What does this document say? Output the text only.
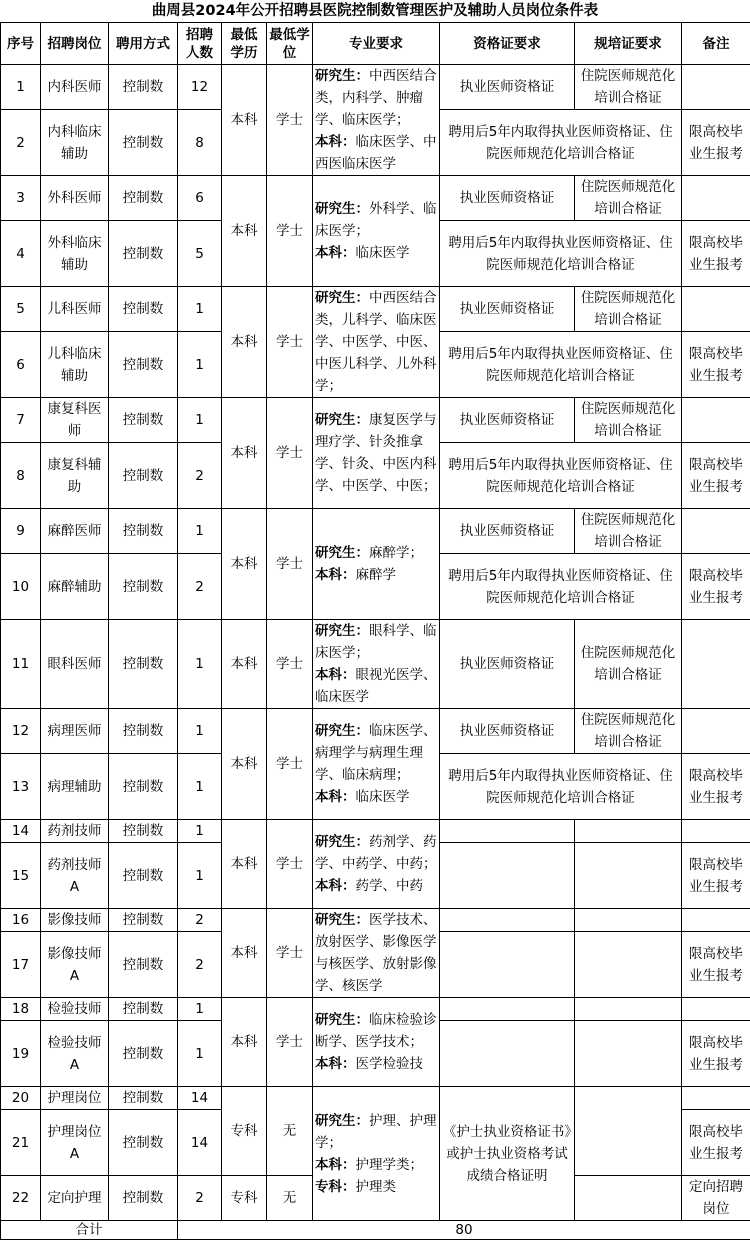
曲周县2024年公开招聘县医院控制数管理医护及辅助人员岗位条件表
序号	招聘岗位	聘用方式	招聘人数	最低学历	最低学位	专业要求	资格证要求	规培证要求	备注
1	内科医师	控制数	12	本科	学士	研究生：中西医结合类，内科学、肿瘤学、临床医学；
本科：临床医学、中西医临床医学	执业医师资格证	住院医师规范化培训合格证	
2	内科临床辅助	控制数	8				聘用后5年内取得执业医师资格证、住院医师规范化培训合格证		限高校毕业生报考
3	外科医师	控制数	6	本科	学士	研究生：外科学、临床医学；
本科：临床医学	执业医师资格证	住院医师规范化培训合格证	
4	外科临床辅助	控制数	5				聘用后5年内取得执业医师资格证、住院医师规范化培训合格证		限高校毕业生报考
5	儿科医师	控制数	1	本科	学士	研究生：中西医结合类，儿科学、临床医学、中医学、中医、中医儿科学、儿外科学；	执业医师资格证	住院医师规范化培训合格证	
6	儿科临床辅助	控制数	1				聘用后5年内取得执业医师资格证、住院医师规范化培训合格证		限高校毕业生报考
7	康复科医师	控制数	1	本科	学士	研究生：康复医学与理疗学、针灸推拿学、针灸、中医内科学、中医学、中医；	执业医师资格证	住院医师规范化培训合格证	
8	康复科辅助	控制数	2				聘用后5年内取得执业医师资格证、住院医师规范化培训合格证		限高校毕业生报考
9	麻醉医师	控制数	1	本科	学士	研究生：麻醉学；
本科：麻醉学	执业医师资格证	住院医师规范化培训合格证	
10	麻醉辅助	控制数	2				聘用后5年内取得执业医师资格证、住院医师规范化培训合格证		限高校毕业生报考
11	眼科医师	控制数	1	本科	学士	研究生：眼科学、临床医学；
本科：眼视光医学、临床医学	执业医师资格证	住院医师规范化培训合格证	
12	病理医师	控制数	1	本科	学士	研究生：临床医学、病理学与病理生理学、临床病理；
本科：临床医学	执业医师资格证	住院医师规范化培训合格证	
13	病理辅助	控制数	1				聘用后5年内取得执业医师资格证、住院医师规范化培训合格证		限高校毕业生报考
14	药剂技师	控制数	1	本科	学士	研究生：药剂学、药学、中药学、中药；
本科：药学、中药			
15	药剂技师A	控制数	1						限高校毕业生报考
16	影像技师	控制数	2	本科	学士	研究生：医学技术、放射医学、影像医学与核医学、放射影像学、核医学			
17	影像技师A	控制数	2						限高校毕业生报考
18	检验技师	控制数	1	本科	学士	研究生：临床检验诊断学、医学技术；
本科：医学检验技			
19	检验技师A	控制数	1						限高校毕业生报考
20	护理岗位	控制数	14	专科	无	研究生：护理、护理学；
本科：护理学类；
专科：护理类	《护士执业资格证书》或护士执业资格考试成绩合格证明		
21	护理岗位A	控制数	14						限高校毕业生报考
22	定向护理	控制数	2	专科	无				定向招聘岗位
合计			80						
